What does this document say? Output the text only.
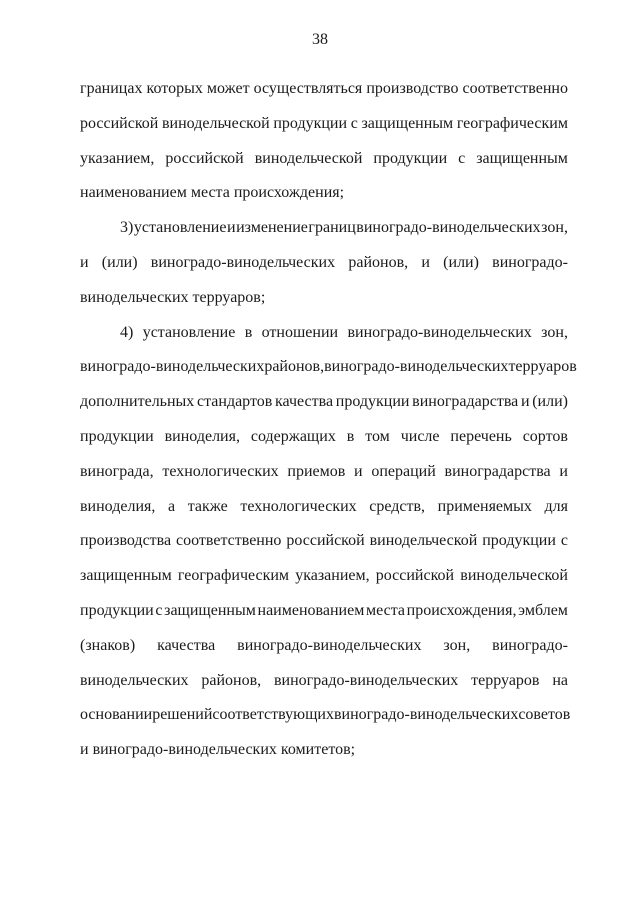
38
границах которых может осуществляться производство соответственно
российской винодельческой продукции с защищенным географическим
указанием, российской винодельческой продукции с защищенным
наименованием места происхождения;
3) установление и изменение границ виноградо-винодельческих зон,
и (или) виноградо-винодельческих районов, и (или) виноградо-
винодельческих терруаров;
4) установление в отношении виноградо-винодельческих зон,
виноградо-винодельческих районов, виноградо-винодельческих терруаров
дополнительных стандартов качества продукции виноградарства и (или)
продукции виноделия, содержащих в том числе перечень сортов
винограда, технологических приемов и операций виноградарства и
виноделия, а также технологических средств, применяемых для
производства соответственно российской винодельческой продукции с
защищенным географическим указанием, российской винодельческой
продукции с защищенным наименованием места происхождения, эмблем
(знаков) качества виноградо-винодельческих зон, виноградо-
винодельческих районов, виноградо-винодельческих терруаров на
основании решений соответствующих виноградо-винодельческих советов
и виноградо-винодельческих комитетов;
